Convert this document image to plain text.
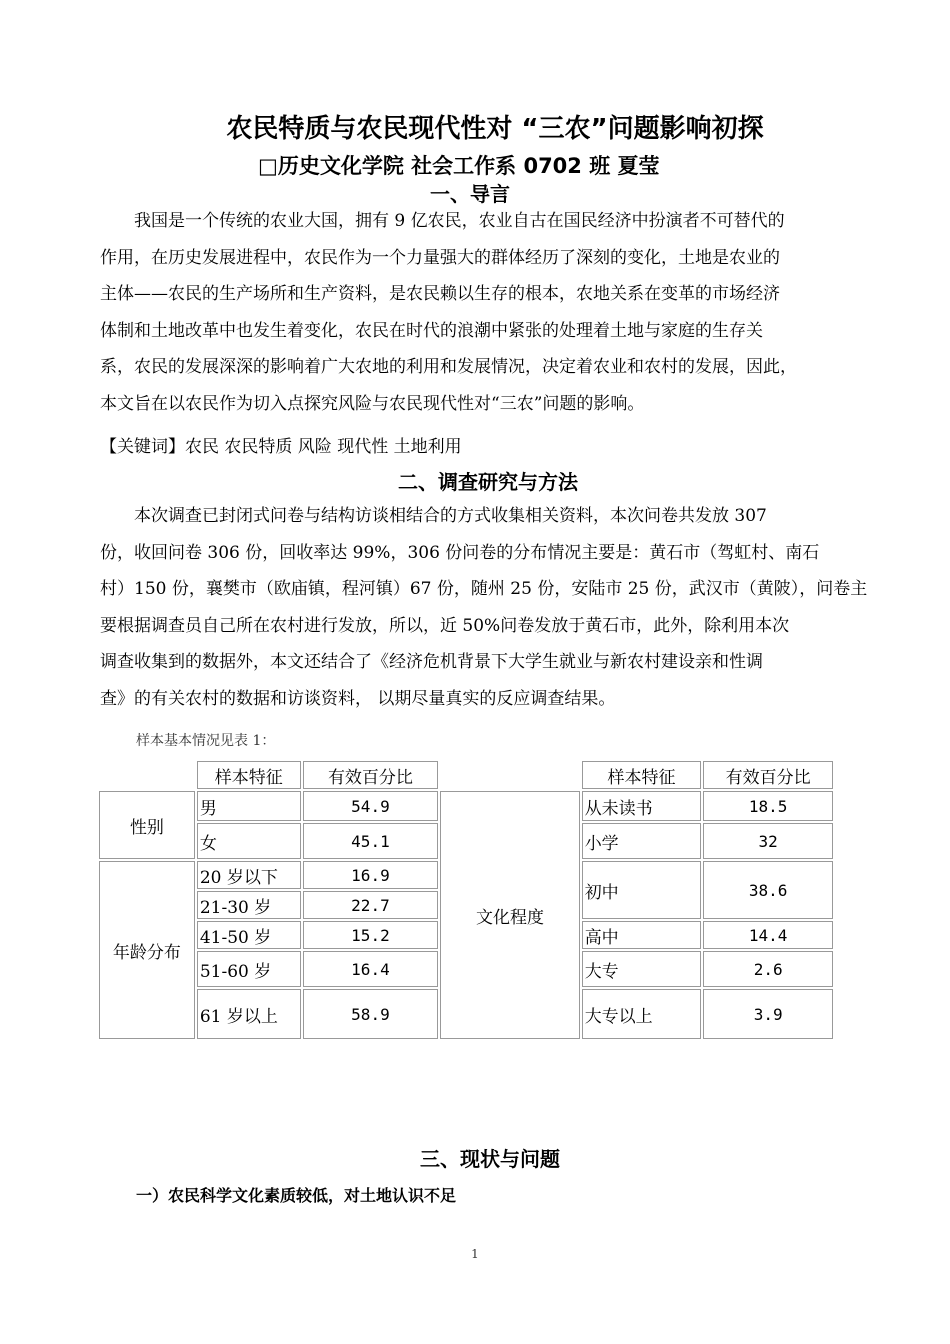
农民特质与农民现代性对 “三农”问题影响初探
□历史文化学院 社会工作系 0702 班 夏莹
一、导言
我国是一个传统的农业大国，拥有 9 亿农民，农业自古在国民经济中扮演者不可替代的
作用，在历史发展进程中，农民作为一个力量强大的群体经历了深刻的变化，土地是农业的
主体——农民的生产场所和生产资料，是农民赖以生存的根本，农地关系在变革的市场经济
体制和土地改革中也发生着变化，农民在时代的浪潮中紧张的处理着土地与家庭的生存关
系，农民的发展深深的影响着广大农地的利用和发展情况，决定着农业和农村的发展，因此，
本文旨在以农民作为切入点探究风险与农民现代性对“三农”问题的影响。
【关键词】农民 农民特质 风险 现代性 土地利用
二、调查研究与方法
本次调查已封闭式问卷与结构访谈相结合的方式收集相关资料，本次问卷共发放 307
份，收回问卷 306 份，回收率达 99%，306 份问卷的分布情况主要是：黄石市（驾虹村、南石
村）150 份，襄樊市（欧庙镇，程河镇）67 份，随州 25 份，安陆市 25 份，武汉市（黄陂），问卷主
要根据调查员自己所在农村进行发放，所以，近 50%问卷发放于黄石市，此外，除利用本次
调查收集到的数据外，本文还结合了《经济危机背景下大学生就业与新农村建设亲和性调
查》的有关农村的数据和访谈资料， 以期尽量真实的反应调查结果。
样本基本情况见表 1：
	样本特征	有效百分比		样本特征	有效百分比
性别	男	54.9	文化程度	从未读书	18.5
	女	45.1		小学	32
年龄分布	20 岁以下	16.9		初中	38.6
	21-30 岁	22.7			
	41-50 岁	15.2		高中	14.4
	51-60 岁	16.4		大专	2.6
	61 岁以上	58.9		大专以上	3.9
三、现状与问题
一）农民科学文化素质较低，对土地认识不足
1
